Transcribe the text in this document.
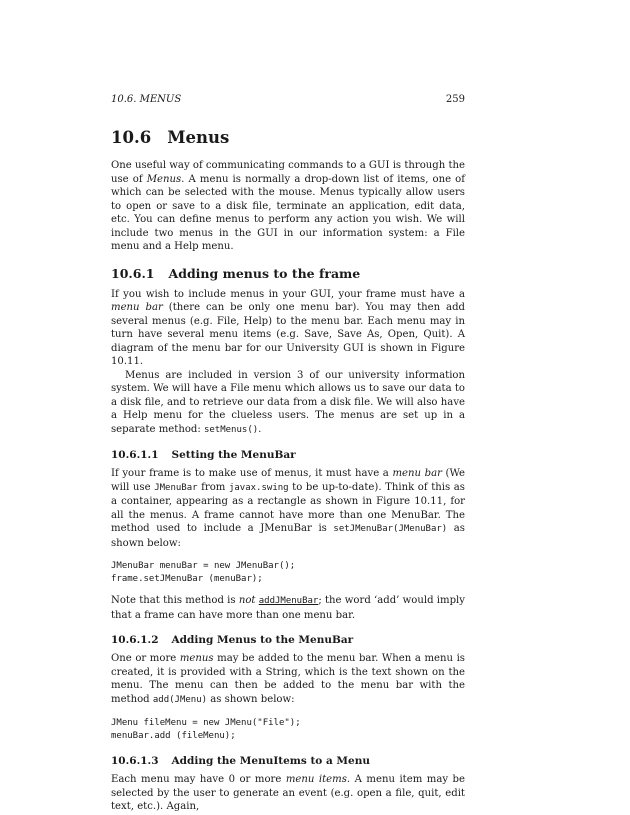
10.6. MENUS	259
10.6 Menus

One useful way of communicating commands to a GUI is through the use of Menus. A menu is normally a drop-down list of items, one of which can be selected with the mouse. Menus typically allow users to open or save to a disk file, terminate an application, edit data, etc. You can define menus to perform any action you wish. We will include two menus in the GUI in our information system: a File menu and a Help menu.

10.6.1 Adding menus to the frame

If you wish to include menus in your GUI, your frame must have a menu bar (there can be only one menu bar). You may then add several menus (e.g. File, Help) to the menu bar. Each menu may in turn have several menu items (e.g. Save, Save As, Open, Quit). A diagram of the menu bar for our University GUI is shown in Figure 10.11.

Menus are included in version 3 of our university information system. We will have a File menu which allows us to save our data to a disk file, and to retrieve our data from a disk file. We will also have a Help menu for the clueless users. The menus are set up in a separate method: setMenus().

10.6.1.1 Setting the MenuBar

If your frame is to make use of menus, it must have a menu bar (We will use JMenuBar from javax.swing to be up-to-date). Think of this as a container, appearing as a rectangle as shown in Figure 10.11, for all the menus. A frame cannot have more than one MenuBar. The method used to include a JMenuBar is setJMenuBar(JMenuBar) as shown below:

JMenuBar menuBar = new JMenuBar();
frame.setJMenuBar (menuBar);

Note that this method is not addJMenuBar; the word ‘add’ would imply that a frame can have more than one menu bar.

10.6.1.2 Adding Menus to the MenuBar

One or more menus may be added to the menu bar. When a menu is created, it is provided with a String, which is the text shown on the menu. The menu can then be added to the menu bar with the method add(JMenu) as shown below:

JMenu fileMenu = new JMenu("File");
menuBar.add (fileMenu);
10.6.1.3 Adding the MenuItems to a Menu

Each menu may have 0 or more menu items. A menu item may be selected by the user to generate an event (e.g. open a file, quit, edit text, etc.). Again,
